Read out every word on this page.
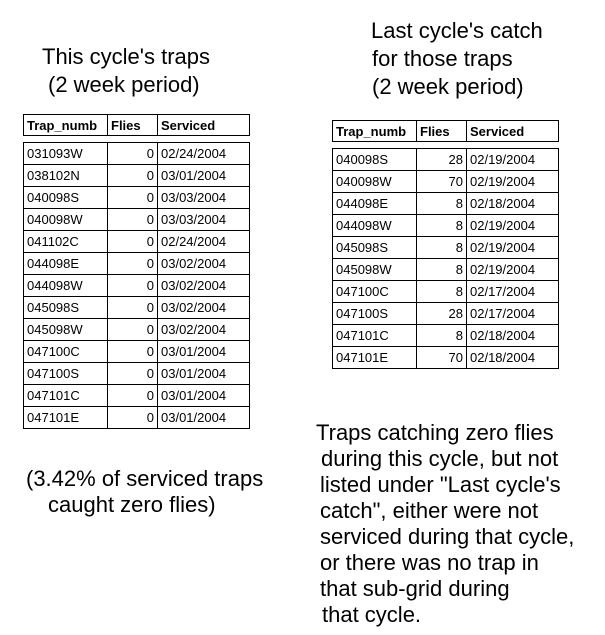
This cycle's traps
(2 week period)
Last cycle's catch
for those traps
(2 week period)
Trap_numb	Flies	Serviced

031093W	0	02/24/2004
038102N	0	03/01/2004
040098S	0	03/03/2004
040098W	0	03/03/2004
041102C	0	02/24/2004
044098E	0	03/02/2004
044098W	0	03/02/2004
045098S	0	03/02/2004
045098W	0	03/02/2004
047100C	0	03/01/2004
047100S	0	03/01/2004
047101C	0	03/01/2004
047101E	0	03/01/2004
Trap_numb	Flies	Serviced

040098S	28	02/19/2004
040098W	70	02/19/2004
044098E	8	02/18/2004
044098W	8	02/19/2004
045098S	8	02/19/2004
045098W	8	02/19/2004
047100C	8	02/17/2004
047100S	28	02/17/2004
047101C	8	02/18/2004
047101E	70	02/18/2004
(3.42% of serviced traps
caught zero flies)
Traps catching zero flies
during this cycle, but not
listed under "Last cycle's
catch", either were not
serviced during that cycle,
or there was no trap in
that sub-grid during
that cycle.
